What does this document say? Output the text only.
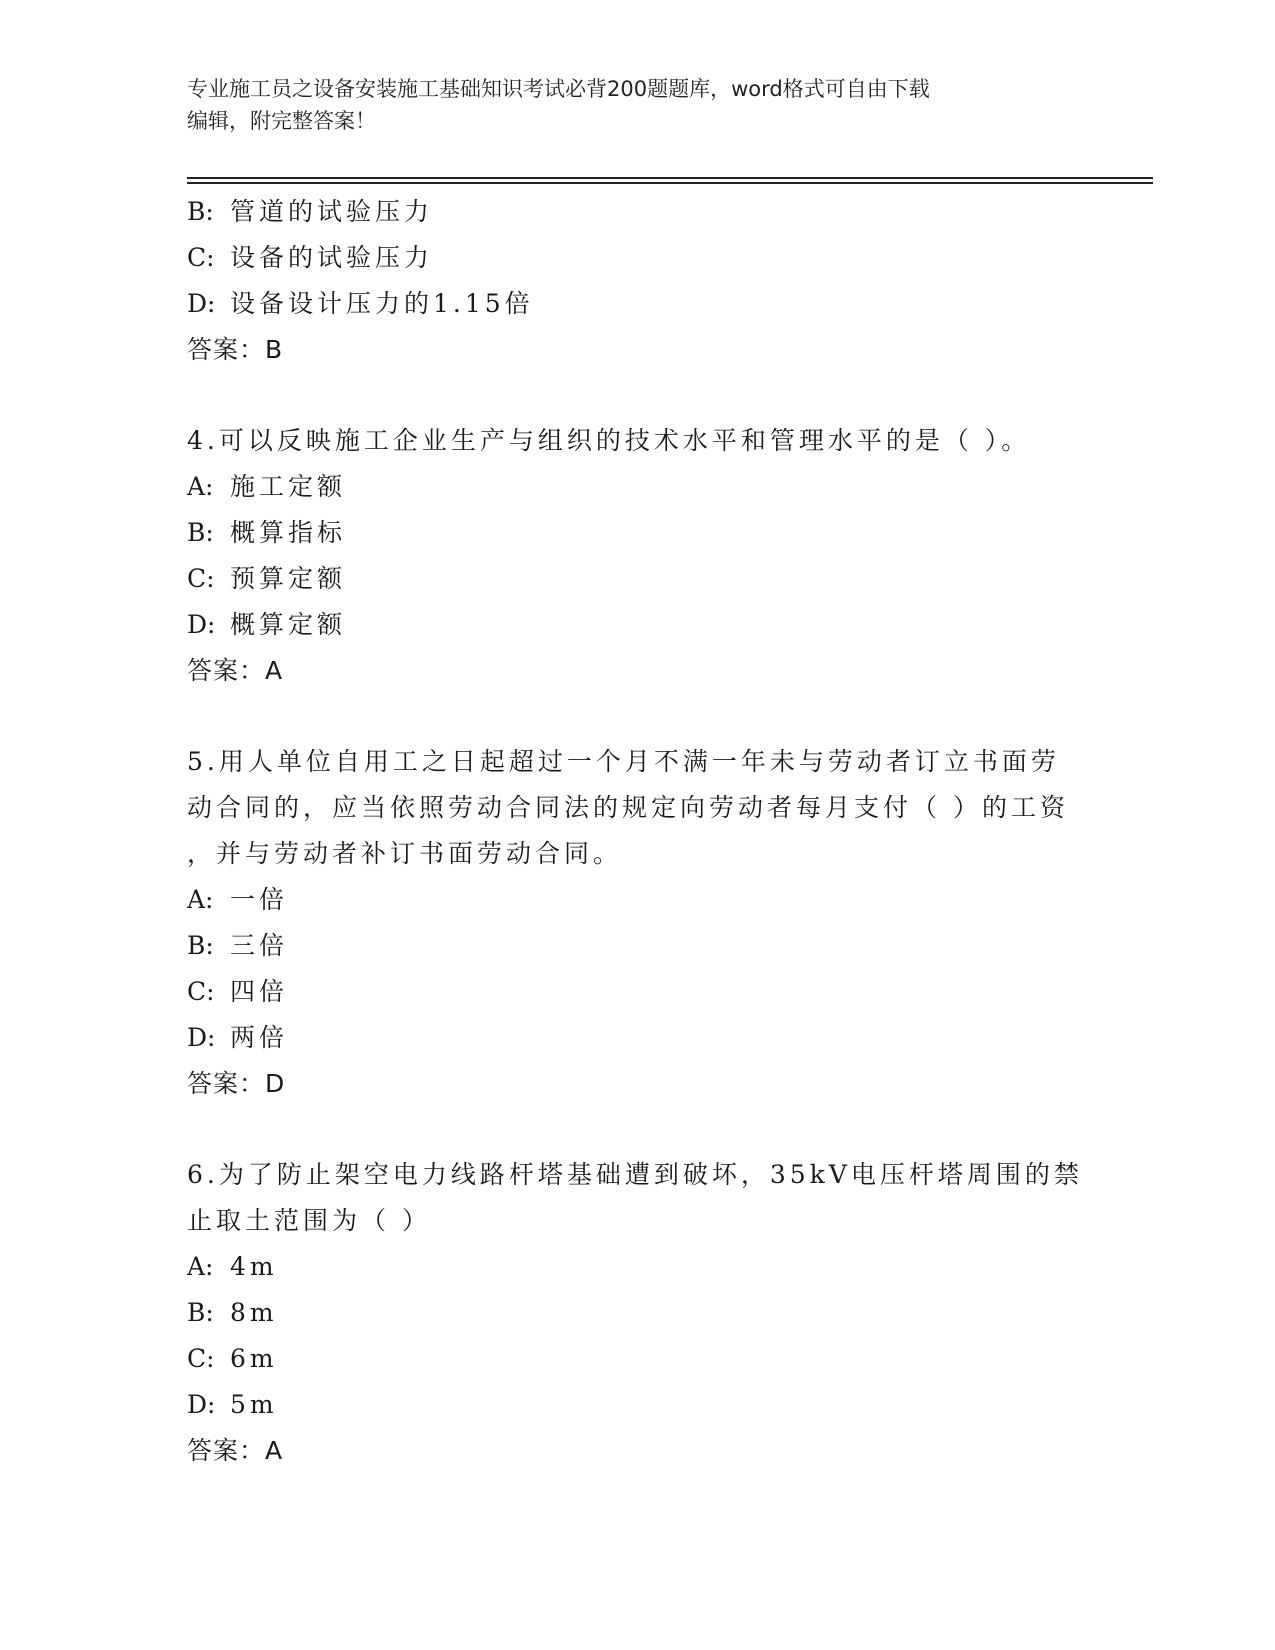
专业施工员之设备安装施工基础知识考试必背200题题库，word格式可自由下载
编辑，附完整答案！
B: 管道的试验压力
C: 设备的试验压力
D: 设备设计压力的1.15倍
答案：B
4.可以反映施工企业生产与组织的技术水平和管理水平的是（ ）。
A: 施工定额
B: 概算指标
C: 预算定额
D: 概算定额
答案：A
5.用人单位自用工之日起超过一个月不满一年未与劳动者订立书面劳
动合同的，应当依照劳动合同法的规定向劳动者每月支付（ ）的工资
，并与劳动者补订书面劳动合同。
A: 一倍
B: 三倍
C: 四倍
D: 两倍
答案：D
6.为了防止架空电力线路杆塔基础遭到破坏，35kV电压杆塔周围的禁
止取土范围为（ ）
A: 4m
B: 8m
C: 6m
D: 5m
答案：A
